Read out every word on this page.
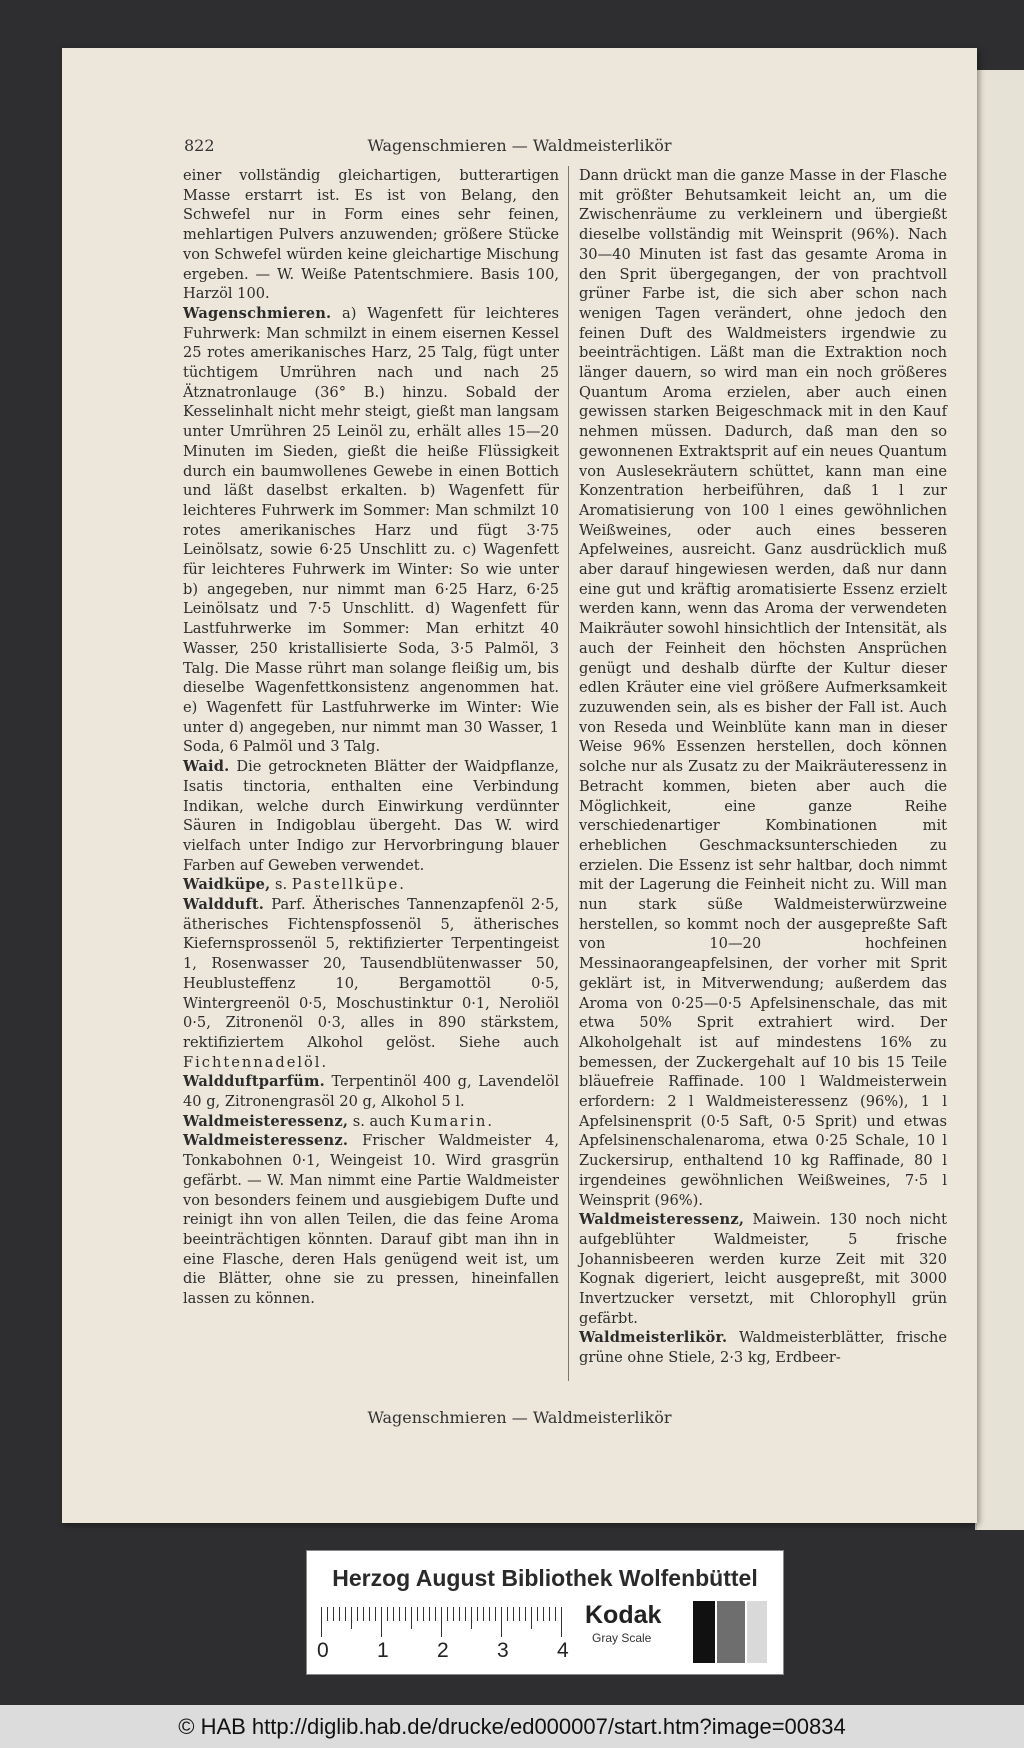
822	Wagenschmieren — Waldmeisterlikör

einer vollständig gleichartigen, butterartigen Masse erstarrt ist. Es ist von Belang, den Schwefel nur in Form eines sehr feinen, mehlartigen Pulvers anzuwenden; größere Stücke von Schwefel würden keine gleichartige Mischung ergeben. — W. Weiße Patentschmiere. Basis 100, Harzöl 100.

Wagenschmieren. a) Wagenfett für leichteres Fuhrwerk: Man schmilzt in einem eisernen Kessel 25 rotes amerikanisches Harz, 25 Talg, fügt unter tüchtigem Umrühren nach und nach 25 Ätznatronlauge (36° B.) hinzu. Sobald der Kesselinhalt nicht mehr steigt, gießt man langsam unter Umrühren 25 Leinöl zu, erhält alles 15—20 Minuten im Sieden, gießt die heiße Flüssigkeit durch ein baumwollenes Gewebe in einen Bottich und läßt daselbst erkalten. b) Wagenfett für leichteres Fuhrwerk im Sommer: Man schmilzt 10 rotes amerikanisches Harz und fügt 3·75 Leinölsatz, sowie 6·25 Unschlitt zu. c) Wagenfett für leichteres Fuhrwerk im Winter: So wie unter b) angegeben, nur nimmt man 6·25 Harz, 6·25 Leinölsatz und 7·5 Unschlitt. d) Wagenfett für Lastfuhrwerke im Sommer: Man erhitzt 40 Wasser, 250 kristallisierte Soda, 3·5 Palmöl, 3 Talg. Die Masse rührt man solange fleißig um, bis dieselbe Wagenfettkonsistenz angenommen hat. e) Wagenfett für Lastfuhrwerke im Winter: Wie unter d) angegeben, nur nimmt man 30 Wasser, 1 Soda, 6 Palmöl und 3 Talg.

Waid. Die getrockneten Blätter der Waidpflanze, Isatis tinctoria, enthalten eine Verbindung Indikan, welche durch Einwirkung verdünnter Säuren in Indigoblau übergeht. Das W. wird vielfach unter Indigo zur Hervorbringung blauer Farben auf Geweben verwendet.

Waidküpe, s. Pastellküpe.

Waldduft. Parf. Ätherisches Tannenzapfenöl 2·5, ätherisches Fichtenspfossenöl 5, ätherisches Kiefernsprossenöl 5, rektifizierter Terpentingeist 1, Rosenwasser 20, Tausendblütenwasser 50, Heublusteffenz 10, Bergamottöl 0·5, Wintergreenöl 0·5, Moschustinktur 0·1, Neroliöl 0·5, Zitronenöl 0·3, alles in 890 stärkstem, rektifiziertem Alkohol gelöst. Siehe auch Fichtennadelöl.

Waldduftparfüm. Terpentinöl 400 g, Lavendelöl 40 g, Zitronengrasöl 20 g, Alkohol 5 l.

Waldmeisteressenz, s. auch Kumarin.

Waldmeisteressenz. Frischer Waldmeister 4, Tonkabohnen 0·1, Weingeist 10. Wird grasgrün gefärbt. — W. Man nimmt eine Partie Waldmeister von besonders feinem und ausgiebigem Dufte und reinigt ihn von allen Teilen, die das feine Aroma beeinträchtigen könnten. Darauf gibt man ihn in eine Flasche, deren Hals genügend weit ist, um die Blätter, ohne sie zu pressen, hineinfallen lassen zu können.

Dann drückt man die ganze Masse in der Flasche mit größter Behutsamkeit leicht an, um die Zwischenräume zu verkleinern und übergießt dieselbe vollständig mit Weinsprit (96%). Nach 30—40 Minuten ist fast das gesamte Aroma in den Sprit übergegangen, der von prachtvoll grüner Farbe ist, die sich aber schon nach wenigen Tagen verändert, ohne jedoch den feinen Duft des Waldmeisters irgendwie zu beeinträchtigen. Läßt man die Extraktion noch länger dauern, so wird man ein noch größeres Quantum Aroma erzielen, aber auch einen gewissen starken Beigeschmack mit in den Kauf nehmen müssen. Dadurch, daß man den so gewonnenen Extraktsprit auf ein neues Quantum von Auslesekräutern schüttet, kann man eine Konzentration herbeiführen, daß 1 l zur Aromatisierung von 100 l eines gewöhnlichen Weißweines, oder auch eines besseren Apfelweines, ausreicht. Ganz ausdrücklich muß aber darauf hingewiesen werden, daß nur dann eine gut und kräftig aromatisierte Essenz erzielt werden kann, wenn das Aroma der verwendeten Maikräuter sowohl hinsichtlich der Intensität, als auch der Feinheit den höchsten Ansprüchen genügt und deshalb dürfte der Kultur dieser edlen Kräuter eine viel größere Aufmerksamkeit zuzuwenden sein, als es bisher der Fall ist. Auch von Reseda und Weinblüte kann man in dieser Weise 96% Essenzen herstellen, doch können solche nur als Zusatz zu der Maikräuteressenz in Betracht kommen, bieten aber auch die Möglichkeit, eine ganze Reihe verschiedenartiger Kombinationen mit erheblichen Geschmacksunterschieden zu erzielen. Die Essenz ist sehr haltbar, doch nimmt mit der Lagerung die Feinheit nicht zu. Will man nun stark süße Waldmeisterwürzweine herstellen, so kommt noch der ausgepreßte Saft von 10—20 hochfeinen Messinaorangeapfelsinen, der vorher mit Sprit geklärt ist, in Mitverwendung; außerdem das Aroma von 0·25—0·5 Apfelsinenschale, das mit etwa 50% Sprit extrahiert wird. Der Alkoholgehalt ist auf mindestens 16% zu bemessen, der Zuckergehalt auf 10 bis 15 Teile bläuefreie Raffinade. 100 l Waldmeisterwein erfordern: 2 l Waldmeisteressenz (96%), 1 l Apfelsinensprit (0·5 Saft, 0·5 Sprit) und etwas Apfelsinenschalenaroma, etwa 0·25 Schale, 10 l Zuckersirup, enthaltend 10 kg Raffinade, 80 l irgendeines gewöhnlichen Weißweines, 7·5 l Weinsprit (96%).

Waldmeisteressenz, Maiwein. 130 noch nicht aufgeblühter Waldmeister, 5 frische Johannisbeeren werden kurze Zeit mit 320 Kognak digeriert, leicht ausgepreßt, mit 3000 Invertzucker versetzt, mit Chlorophyll grün gefärbt.

Waldmeisterlikör. Waldmeisterblätter, frische grüne ohne Stiele, 2·3 kg, Erdbeer-

Wagenschmieren — Waldmeisterlikör
Herzog August Bibliothek Wolfenbüttel
0 1 2 3 4
Kodak
Gray Scale
© HAB http://diglib.hab.de/drucke/ed000007/start.htm?image=00834
